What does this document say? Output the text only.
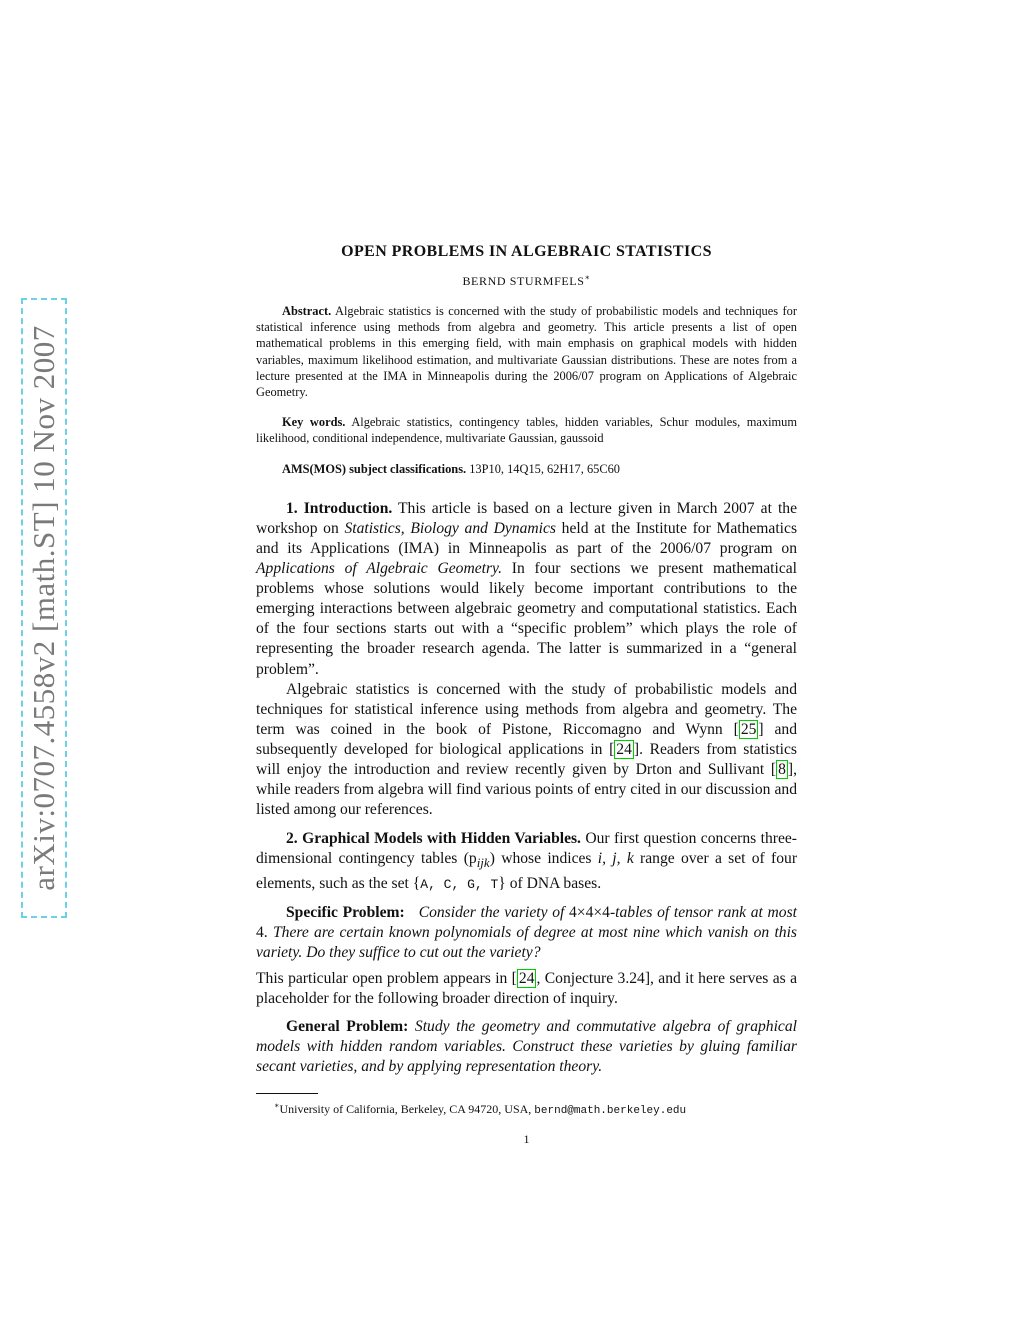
arXiv:0707.4558v2 [math.ST] 10 Nov 2007
OPEN PROBLEMS IN ALGEBRAIC STATISTICS
BERND STURMFELS∗
Abstract. Algebraic statistics is concerned with the study of probabilistic models and techniques for statistical inference using methods from algebra and geometry. This article presents a list of open mathematical problems in this emerging field, with main emphasis on graphical models with hidden variables, maximum likelihood estimation, and multivariate Gaussian distributions. These are notes from a lecture presented at the IMA in Minneapolis during the 2006/07 program on Applications of Algebraic Geometry.
Key words. Algebraic statistics, contingency tables, hidden variables, Schur modules, maximum likelihood, conditional independence, multivariate Gaussian, gaussoid
AMS(MOS) subject classifications. 13P10, 14Q15, 62H17, 65C60

1. Introduction. This article is based on a lecture given in March 2007 at the workshop on Statistics, Biology and Dynamics held at the Institute for Mathematics and its Applications (IMA) in Minneapolis as part of the 2006/07 program on Applications of Algebraic Geometry. In four sections we present mathematical problems whose solutions would likely become important contributions to the emerging interactions between algebraic geometry and computational statistics. Each of the four sections starts out with a “specific problem” which plays the role of representing the broader research agenda. The latter is summarized in a “general problem”.

Algebraic statistics is concerned with the study of probabilistic models and techniques for statistical inference using methods from algebra and geometry. The term was coined in the book of Pistone, Riccomagno and Wynn [ 25 ] and subsequently developed for biological applications in [ 24 ]. Readers from statistics will enjoy the introduction and review recently given by Drton and Sullivant [ 8 ], while readers from algebra will find various points of entry cited in our discussion and listed among our references.

2. Graphical Models with Hidden Variables. Our first question concerns three-dimensional contingency tables $(p_{ijk})$ whose indices i, j, k range over a set of four elements, such as the set {A, C, G, T} of DNA bases.

Specific Problem: Consider the variety of 4×4×4-tables of tensor rank at most 4. There are certain known polynomials of degree at most nine which vanish on this variety. Do they suffice to cut out the variety?

This particular open problem appears in [ 24 , Conjecture 3.24], and it here serves as a placeholder for the following broader direction of inquiry.

General Problem: Study the geometry and commutative algebra of graphical models with hidden random variables. Construct these varieties by gluing familiar secant varieties, and by applying representation theory.

∗University of California, Berkeley, CA 94720, USA, bernd@math.berkeley.edu
1
